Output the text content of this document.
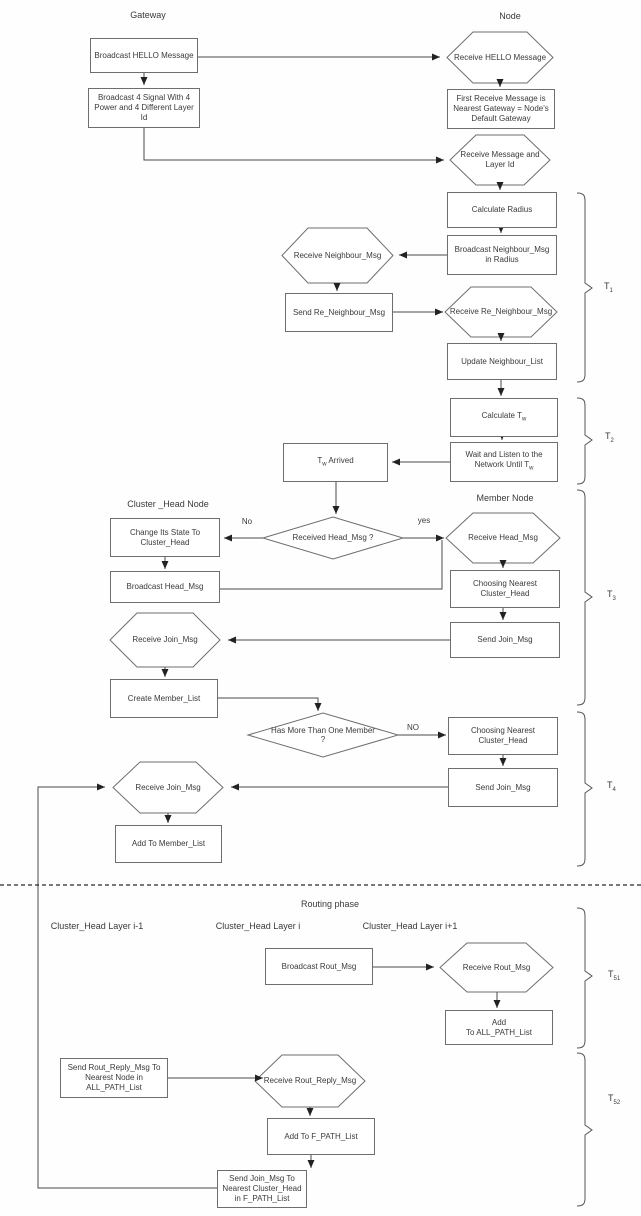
Gateway	Node
Cluster _Head Node
Member Node
Routing phase
Cluster_Head Layer i-1	Cluster_Head Layer i	Cluster_Head Layer i+1
Broadcast HELLO Message
Broadcast 4 Signal With 4 Power and 4 Different Layer Id
First Receive Message is Nearest Gateway = Node's Default Gateway
Calculate Radius
Broadcast Neighbour_Msg in Radius
Send Re_Neighbour_Msg
Update Neighbour_List
Calculate $T_w$
Wait and Listen to the
Network Until $T_w$
$T_w$ Arrived
Change Its State To Cluster_Head
Broadcast Head_Msg	Choosing Nearest Cluster_Head
Send Join_Msg
Create Member_List
Choosing Nearest Cluster_Head
Send Join_Msg
Add To Member_List
Broadcast Rout_Msg
Add
To ALL_PATH_List
Send Rout_Reply_Msg To Nearest Node in ALL_PATH_List
Add To F_PATH_List
Send Join_Msg To Nearest Cluster_Head in F_PATH_List
Receive HELLO Message
Receive Message and Layer Id
Receive Neighbour_Msg
Receive Re_Neighbour_Msg
Receive Head_Msg
Receive Join_Msg
Receive Join_Msg
Receive Rout_Msg
Receive Rout_Reply_Msg
Received Head_Msg ?
Has More Than One Member
?
No	yes
NO
$T_1$
$T_2$
$T_3$
$T_4$
$T_{51}$
$T_{52}$
